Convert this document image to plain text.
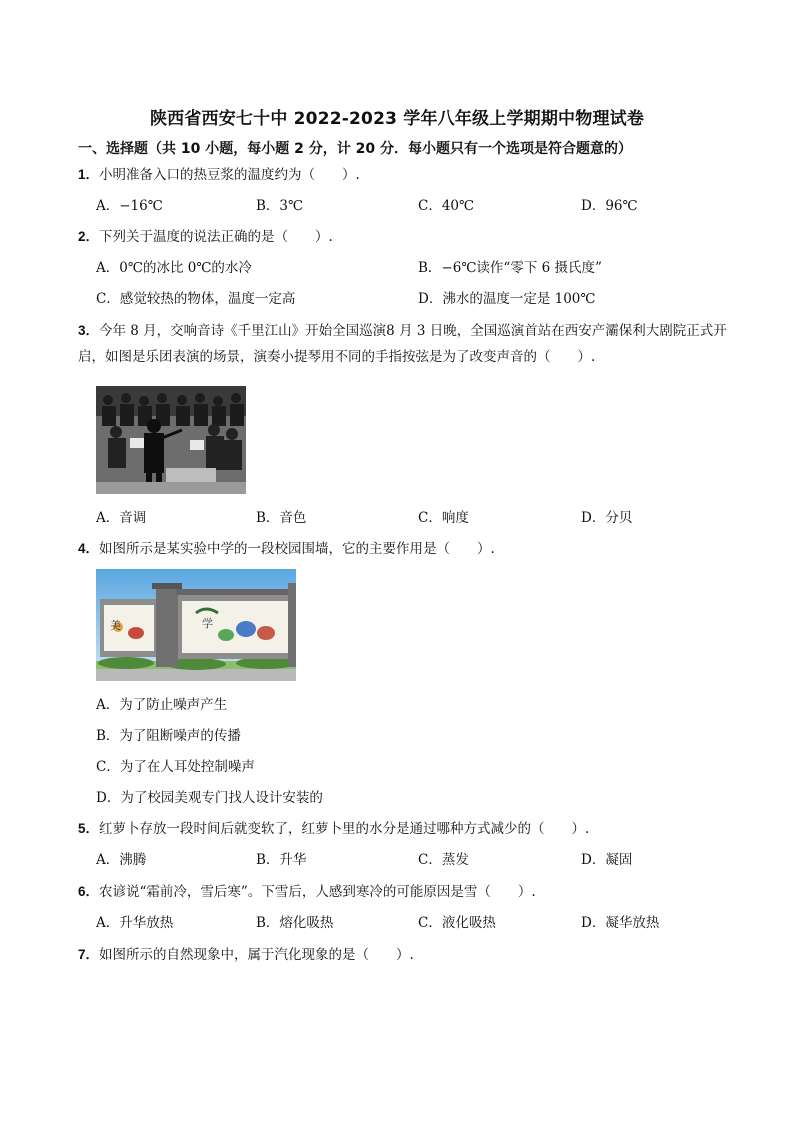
陕西省西安七十中 2022-2023 学年八年级上学期期中物理试卷
一、选择题（共 10 小题，每小题 2 分，计 20 分．每小题只有一个选项是符合题意的）
1．小明准备入口的热豆浆的温度约为（　　）.
A．−16℃	B．3℃	C．40℃	D．96℃
2．下列关于温度的说法正确的是（　　）.
A．0℃的冰比 0℃的水冷	B．−6℃读作“零下 6 摄氏度”
C．感觉较热的物体，温度一定高	D．沸水的温度一定是 100℃
3．今年 8 月，交响音诗《千里江山》开始全国巡演8 月 3 日晚，全国巡演首站在西安产灞保利大剧院正式开启，如图是乐团表演的场景，演奏小提琴用不同的手指按弦是为了改变声音的（　　）.
A．音调	B．音色	C．响度	D．分贝
4．如图所示是某实验中学的一段校园围墙，它的主要作用是（　　）.
美	学
A．为了防止噪声产生
B．为了阻断噪声的传播
C．为了在人耳处控制噪声
D．为了校园美观专门找人设计安装的
5．红萝卜存放一段时间后就变软了，红萝卜里的水分是通过哪种方式减少的（　　）.
A．沸腾	B．升华	C．蒸发	D．凝固
6．农谚说“霜前冷，雪后寒”。下雪后，人感到寒冷的可能原因是雪（　　）.
A．升华放热	B．熔化吸热	C．液化吸热	D．凝华放热
7．如图所示的自然现象中，属于汽化现象的是（　　）.
